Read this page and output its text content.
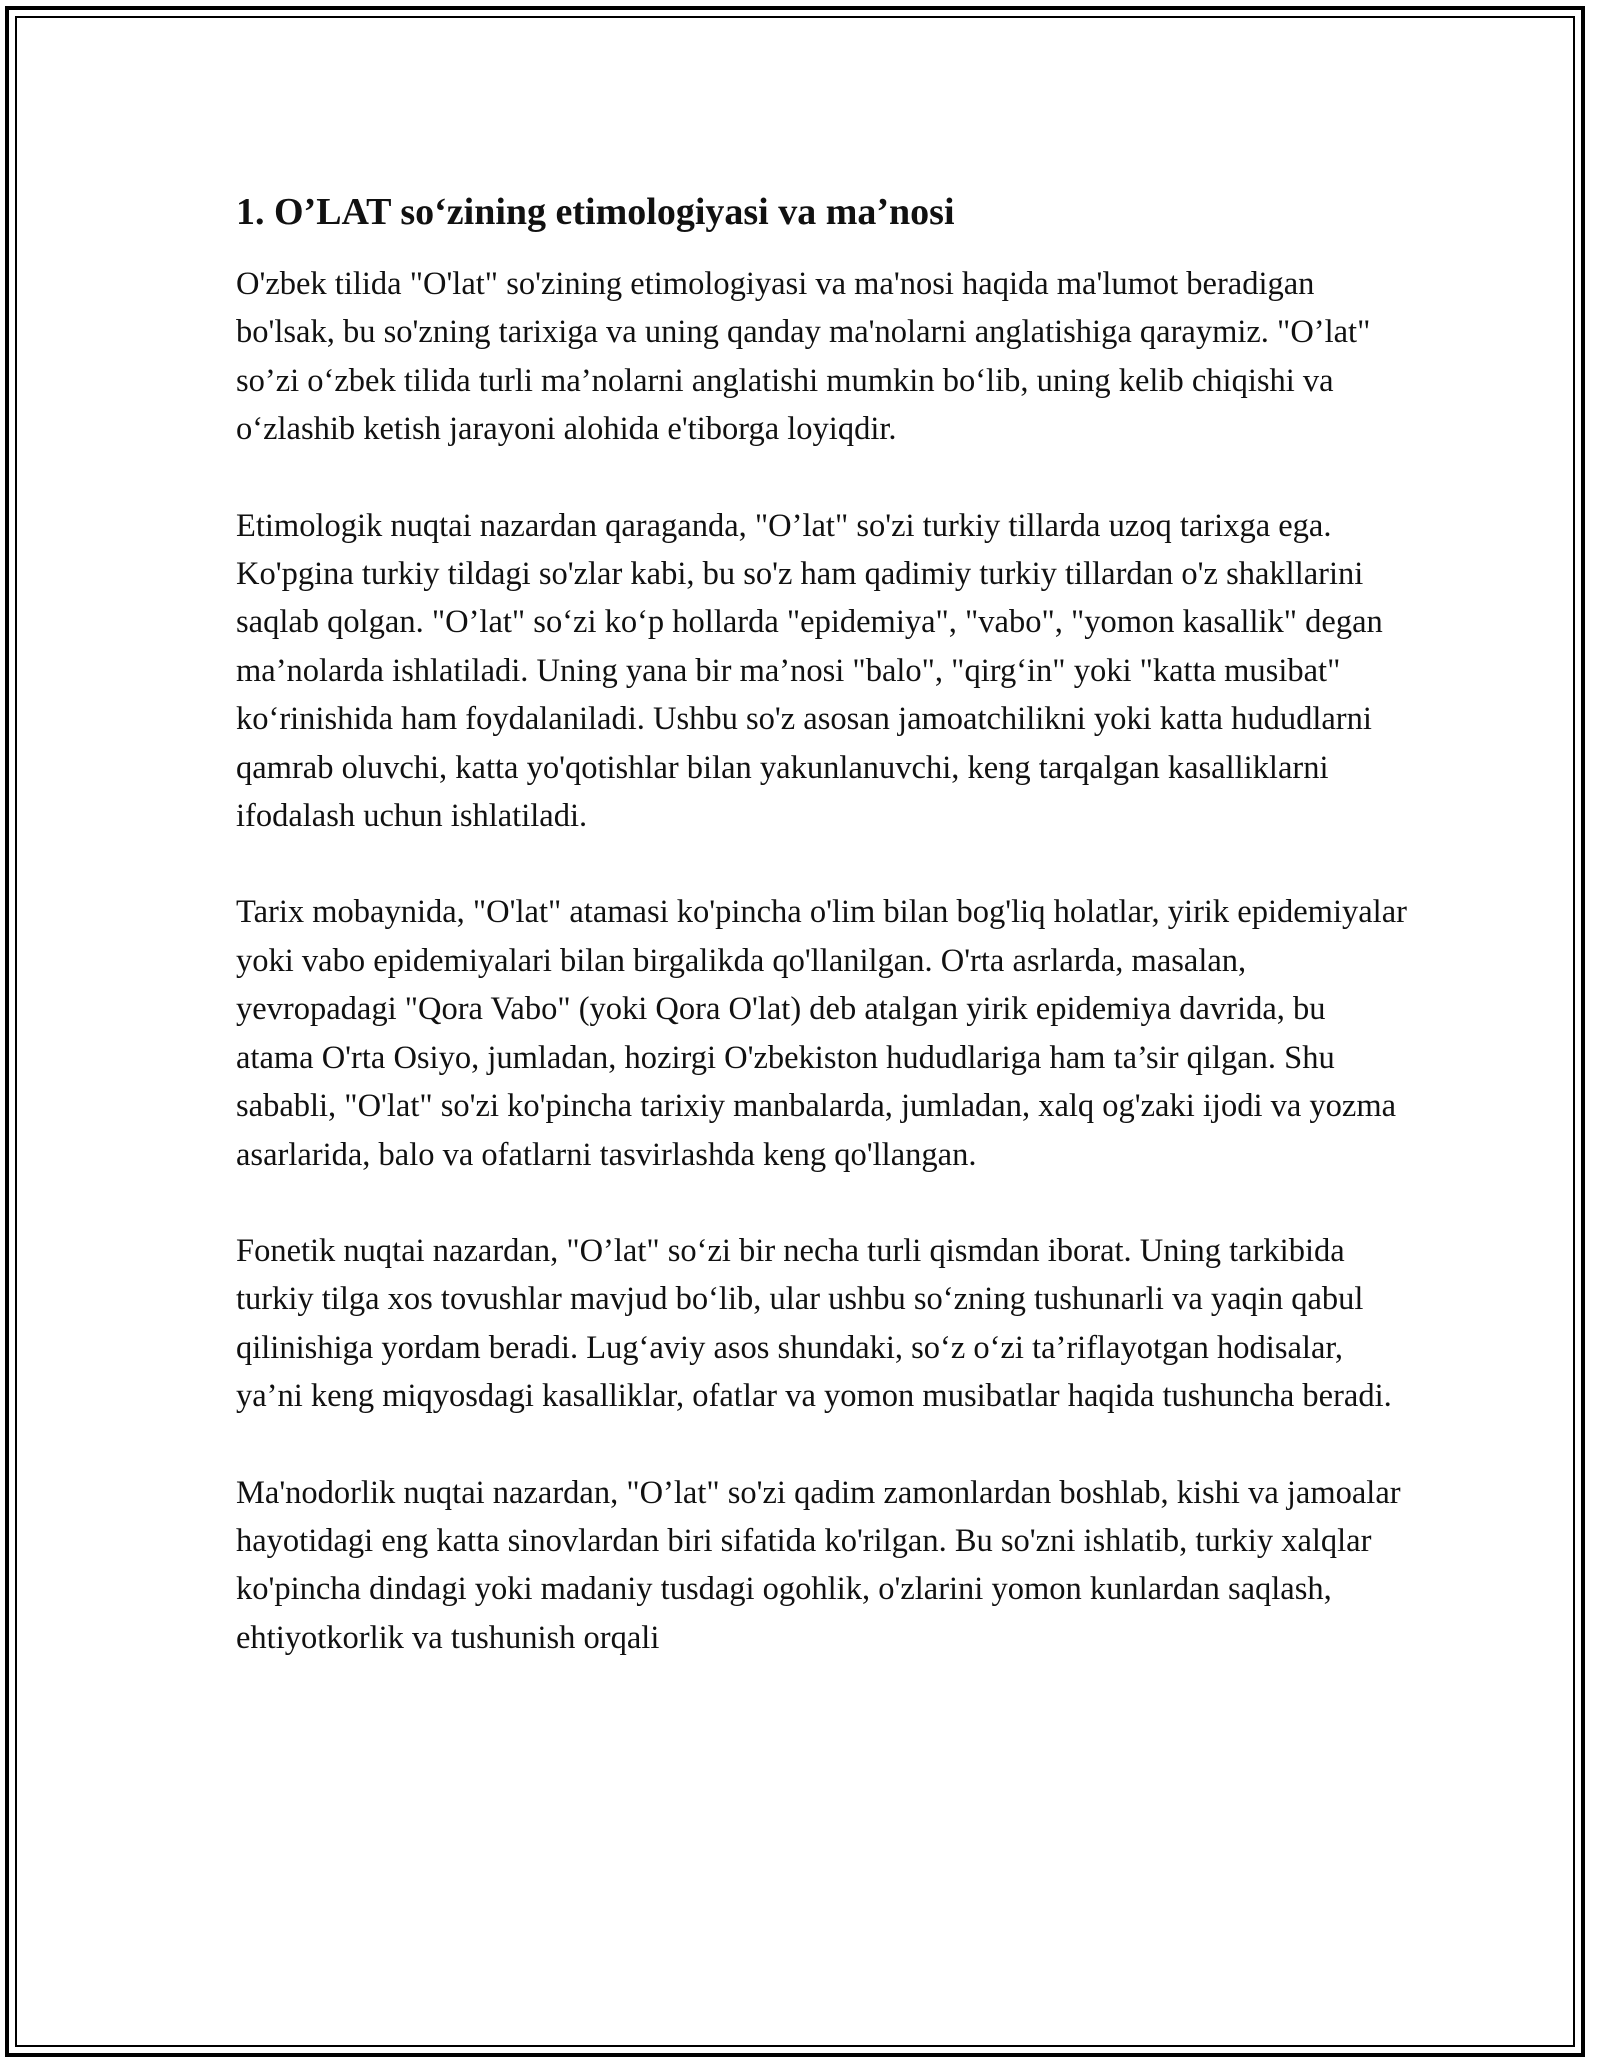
1. O’LAT so‘zining etimologiyasi va ma’nosi

O'zbek tilida "O'lat" so'zining etimologiyasi va ma'nosi haqida ma'lumot beradigan bo'lsak, bu so'zning tarixiga va uning qanday ma'nolarni anglatishiga qaraymiz. "O’lat" so’zi o‘zbek tilida turli ma’nolarni anglatishi mumkin bo‘lib, uning kelib chiqishi va o‘zlashib ketish jarayoni alohida e'tiborga loyiqdir.

Etimologik nuqtai nazardan qaraganda, "O’lat" so'zi turkiy tillarda uzoq tarixga ega. Ko'pgina turkiy tildagi so'zlar kabi, bu so'z ham qadimiy turkiy tillardan o'z shakllarini saqlab qolgan. "O’lat" so‘zi ko‘p hollarda "epidemiya", "vabo", "yomon kasallik" degan ma’nolarda ishlatiladi. Uning yana bir ma’nosi "balo", "qirg‘in" yoki "katta musibat" ko‘rinishida ham foydalaniladi. Ushbu so'z asosan jamoatchilikni yoki katta hududlarni qamrab oluvchi, katta yo'qotishlar bilan yakunlanuvchi, keng tarqalgan kasalliklarni ifodalash uchun ishlatiladi.

Tarix mobaynida, "O'lat" atamasi ko'pincha o'lim bilan bog'liq holatlar, yirik epidemiyalar yoki vabo epidemiyalari bilan birgalikda qo'llanilgan. O'rta asrlarda, masalan, yevropadagi "Qora Vabo" (yoki Qora O'lat) deb atalgan yirik epidemiya davrida, bu atama O'rta Osiyo, jumladan, hozirgi O'zbekiston hududlariga ham ta’sir qilgan. Shu sababli, "O'lat" so'zi ko'pincha tarixiy manbalarda, jumladan, xalq og'zaki ijodi va yozma asarlarida, balo va ofatlarni tasvirlashda keng qo'llangan.

Fonetik nuqtai nazardan, "O’lat" so‘zi bir necha turli qismdan iborat. Uning tarkibida turkiy tilga xos tovushlar mavjud bo‘lib, ular ushbu so‘zning tushunarli va yaqin qabul qilinishiga yordam beradi. Lug‘aviy asos shundaki, so‘z o‘zi ta’riflayotgan hodisalar, ya’ni keng miqyosdagi kasalliklar, ofatlar va yomon musibatlar haqida tushuncha beradi.

Ma'nodorlik nuqtai nazardan, "O’lat" so'zi qadim zamonlardan boshlab, kishi va jamoalar hayotidagi eng katta sinovlardan biri sifatida ko'rilgan. Bu so'zni ishlatib, turkiy xalqlar ko'pincha dindagi yoki madaniy tusdagi ogohlik, o'zlarini yomon kunlardan saqlash, ehtiyotkorlik va tushunish orqali
